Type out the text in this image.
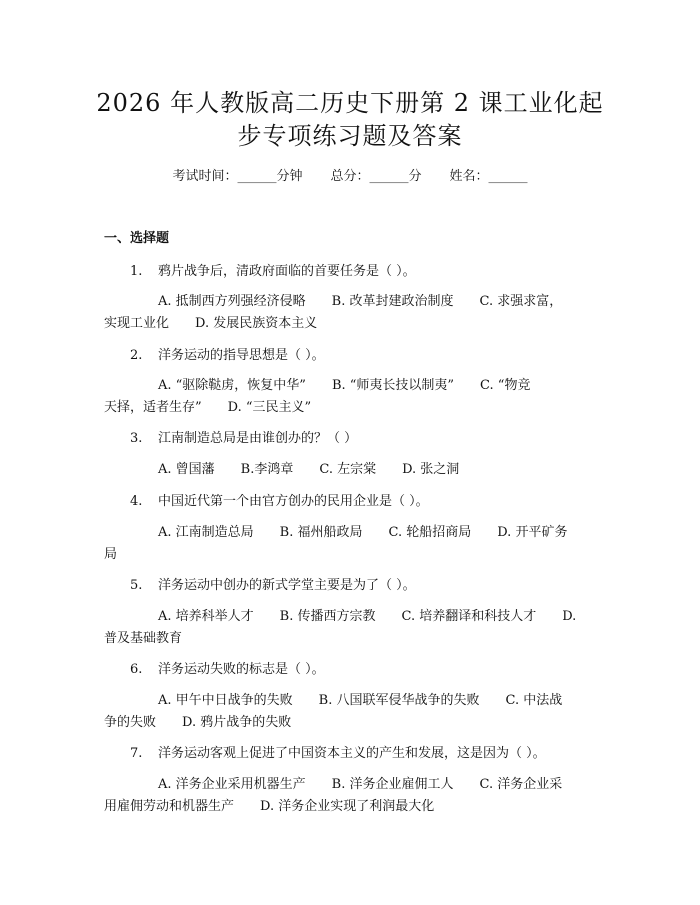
2026 年人教版高二历史下册第 2 课工业化起
步专项练习题及答案
考试时间：______分钟 总分：______分 姓名：______
一、选择题
1. 鸦片战争后，清政府面临的首要任务是（ ）。
A. 抵制西方列强经济侵略　　B. 改革封建政治制度　　C. 求强求富，
实现工业化　　D. 发展民族资本主义
2. 洋务运动的指导思想是（ ）。
A. “驱除鞑虏，恢复中华”　　B. “师夷长技以制夷”　　C. “物竞
天择，适者生存”　　D. “三民主义”
3. 江南制造总局是由谁创办的？（ ）
A. 曾国藩　　B.李鸿章　　C. 左宗棠　　D. 张之洞
4. 中国近代第一个由官方创办的民用企业是（ ）。
A. 江南制造总局　　B. 福州船政局　　C. 轮船招商局　　D. 开平矿务
局
5. 洋务运动中创办的新式学堂主要是为了（ ）。
A. 培养科举人才　　B. 传播西方宗教　　C. 培养翻译和科技人才　　D.
普及基础教育
6. 洋务运动失败的标志是（ ）。
A. 甲午中日战争的失败　　B. 八国联军侵华战争的失败　　C. 中法战
争的失败　　D. 鸦片战争的失败
7. 洋务运动客观上促进了中国资本主义的产生和发展，这是因为（ ）。
A. 洋务企业采用机器生产　　B. 洋务企业雇佣工人　　C. 洋务企业采
用雇佣劳动和机器生产　　D. 洋务企业实现了利润最大化
